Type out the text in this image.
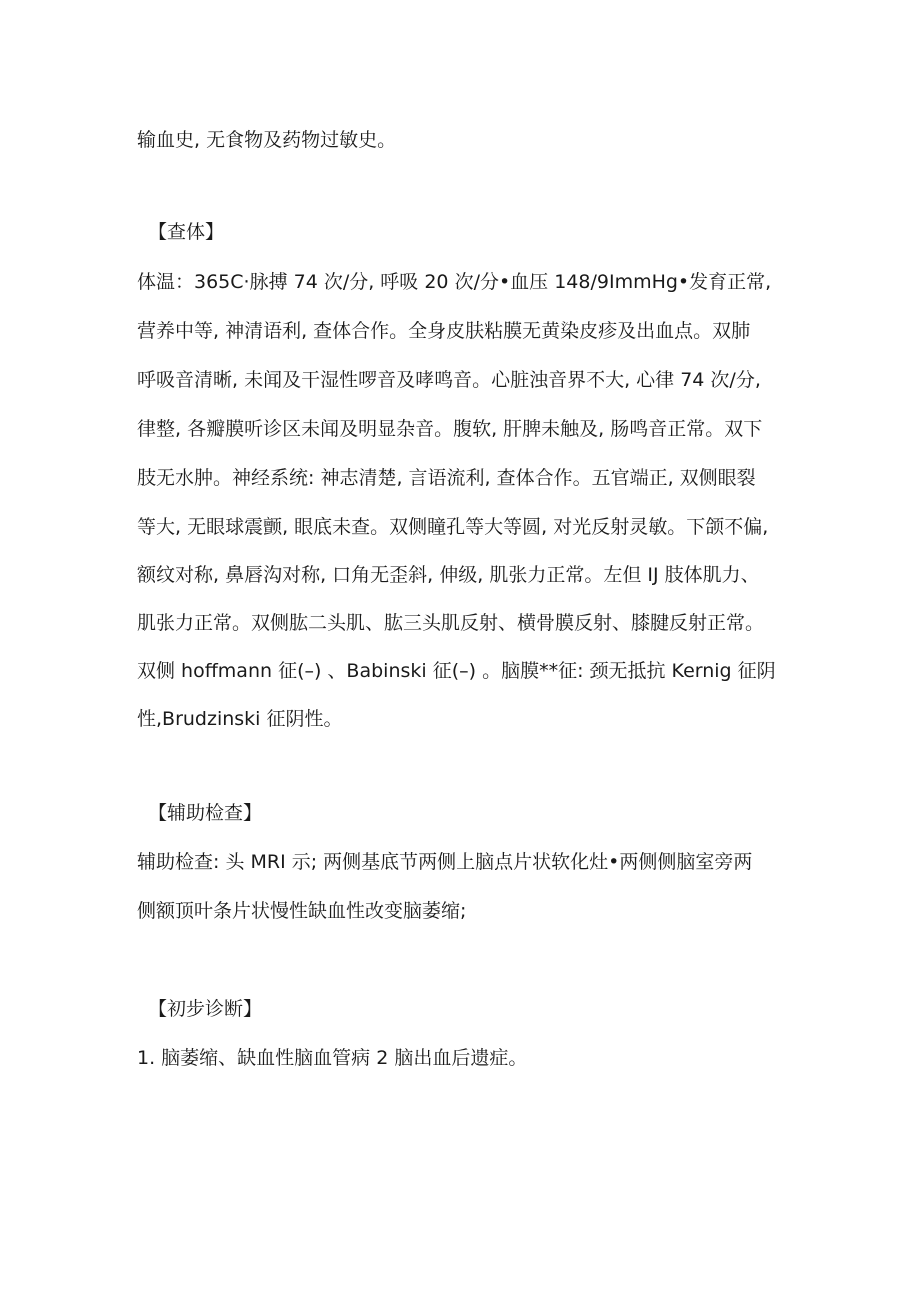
输血史, 无食物及药物过敏史。
【查体】
体温：365C·脉搏 74 次/分, 呼吸 20 次/分•血压 148/9ImmHg•发育正常,
营养中等, 神清语利, 查体合作。全身皮肤粘膜无黄染皮疹及出血点。双肺
呼吸音清晰, 未闻及干湿性啰音及哮鸣音。心脏浊音界不大, 心律 74 次/分,
律整, 各瓣膜听诊区未闻及明显杂音。腹软, 肝脾未触及, 肠鸣音正常。双下
肢无水肿。神经系统: 神志清楚, 言语流利, 查体合作。五官端正, 双侧眼裂
等大, 无眼球震颤, 眼底未查。双侧瞳孔等大等圆, 对光反射灵敏。下颌不偏,
额纹对称, 鼻唇沟对称, 口角无歪斜, 伸级, 肌张力正常。左但 IJ 肢体肌力、
肌张力正常。双侧肱二头肌、肱三头肌反射、横骨膜反射、膝腱反射正常。
双侧 hoffmann 征(–) 、Babinski 征(–) 。脑膜**征: 颈无抵抗 Kernig 征阴
性,Brudzinski 征阴性。
【辅助检查】
辅助检查: 头 MRI 示; 两侧基底节两侧上脑点片状软化灶•两侧侧脑室旁两
侧额顶叶条片状慢性缺血性改变脑萎缩;
【初步诊断】
1. 脑萎缩、缺血性脑血管病 2 脑出血后遗症。
